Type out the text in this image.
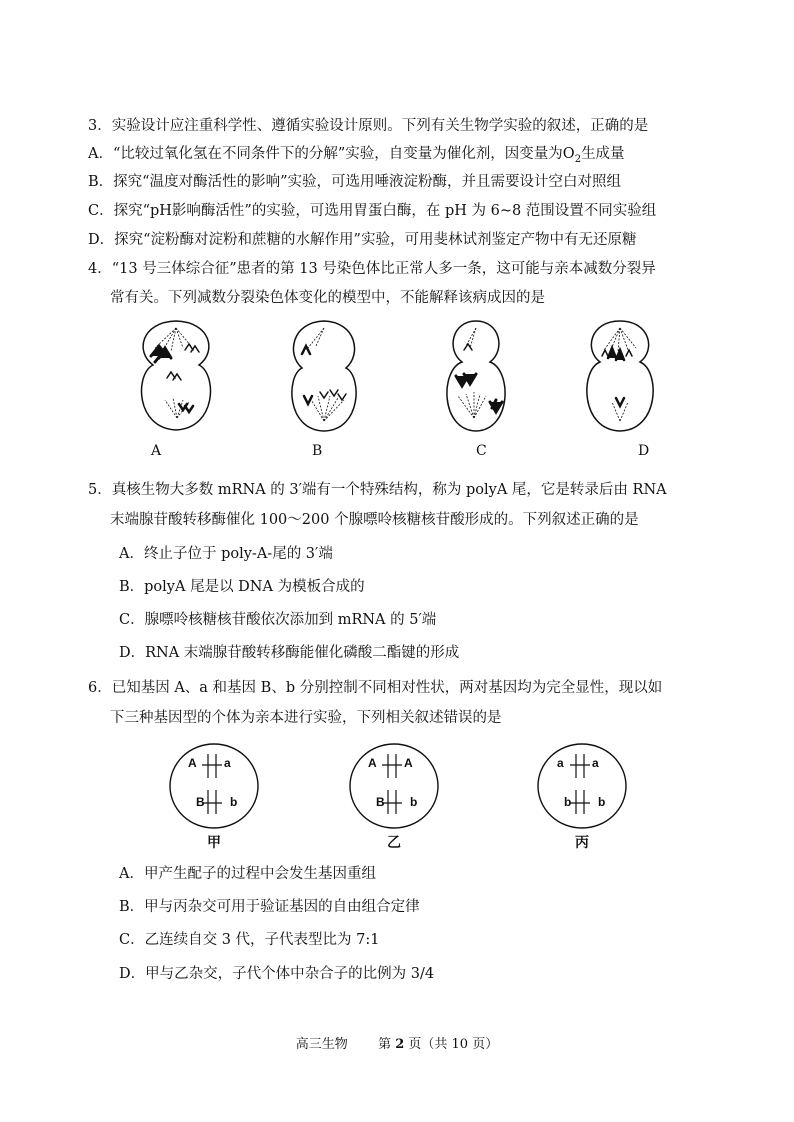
3．实验设计应注重科学性、遵循实验设计原则。下列有关生物学实验的叙述，正确的是
A．“比较过氧化氢在不同条件下的分解”实验，自变量为催化剂，因变量为$O_2$生成量
B．探究“温度对酶活性的影响”实验，可选用唾液淀粉酶，并且需要设计空白对照组
C．探究“pH影响酶活性”的实验，可选用胃蛋白酶，在 pH 为 6~8 范围设置不同实验组
D．探究“淀粉酶对淀粉和蔗糖的水解作用”实验，可用斐林试剂鉴定产物中有无还原糖
4．“13 号三体综合征”患者的第 13 号染色体比正常人多一条，这可能与亲本减数分裂异
常有关。下列减数分裂染色体变化的模型中，不能解释该病成因的是
A	B	C	D
5．真核生物大多数 mRNA 的 3′端有一个特殊结构，称为 polyA 尾，它是转录后由 RNA
末端腺苷酸转移酶催化 100～200 个腺嘌呤核糖核苷酸形成的。下列叙述正确的是
A．终止子位于 poly-A-尾的 3′端
B．polyA 尾是以 DNA 为模板合成的
C．腺嘌呤核糖核苷酸依次添加到 mRNA 的 5′端
D．RNA 末端腺苷酸转移酶能催化磷酸二酯键的形成
6．已知基因 A、a 和基因 B、b 分别控制不同相对性状，两对基因均为完全显性，现以如
下三种基因型的个体为亲本进行实验，下列相关叙述错误的是
A a
B b
A A
B b
a a
b b
甲	乙	丙
A．甲产生配子的过程中会发生基因重组
B．甲与丙杂交可用于验证基因的自由组合定律
C．乙连续自交 3 代，子代表型比为 7:1
D．甲与乙杂交，子代个体中杂合子的比例为 3/4
高三生物 第 2 页（共 10 页）
